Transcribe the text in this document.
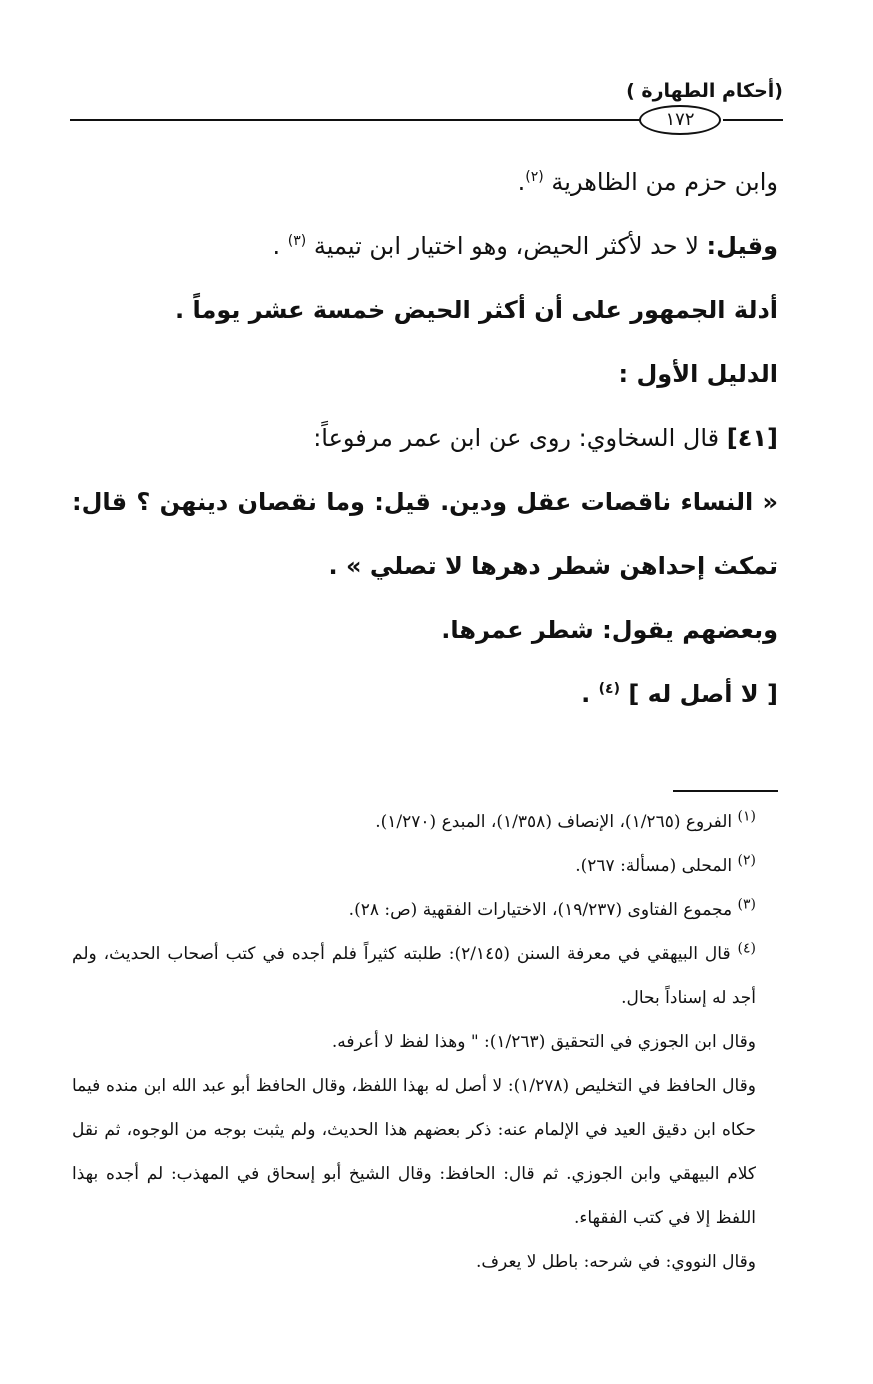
(أحكام الطهارة )
١٧٢

وابن حزم من الظاهرية $^{(٢)}$.

وقيل: لا حد لأكثر الحيض، وهو اختيار ابن تيمية $^{(٣)}$ .

أدلة الجمهور على أن أكثر الحيض خمسة عشر يوماً .

الدليل الأول :

[٤١] قال السخاوي: روى عن ابن عمر مرفوعاً:

« النساء ناقصات عقل ودين. قيل: وما نقصان دينهن ؟ قال: تمكث إحداهن شطر دهرها لا تصلي » .

وبعضهم يقول: شطر عمرها.

[ لا أصل له ] $^{(٤)}$ .

$^{(١)}$ الفروع (١/٢٦٥)، الإنصاف (١/٣٥٨)، المبدع (١/٢٧٠).

$^{(٢)}$ المحلى (مسألة: ٢٦٧).

$^{(٣)}$ مجموع الفتاوى (١٩/٢٣٧)، الاختيارات الفقهية (ص: ٢٨).

$^{(٤)}$ قال البيهقي في معرفة السنن (٢/١٤٥): طلبته كثيراً فلم أجده في كتب أصحاب الحديث، ولم أجد له إسناداً بحال.

وقال ابن الجوزي في التحقيق (١/٢٦٣): " وهذا لفظ لا أعرفه.

وقال الحافظ في التخليص (١/٢٧٨): لا أصل له بهذا اللفظ، وقال الحافظ أبو عبد الله ابن منده فيما حكاه ابن دقيق العيد في الإلمام عنه: ذكر بعضهم هذا الحديث، ولم يثبت بوجه من الوجوه، ثم نقل كلام البيهقي وابن الجوزي. ثم قال: الحافظ: وقال الشيخ أبو إسحاق في المهذب: لم أجده بهذا اللفظ إلا في كتب الفقهاء.

وقال النووي: في شرحه: باطل لا يعرف.
